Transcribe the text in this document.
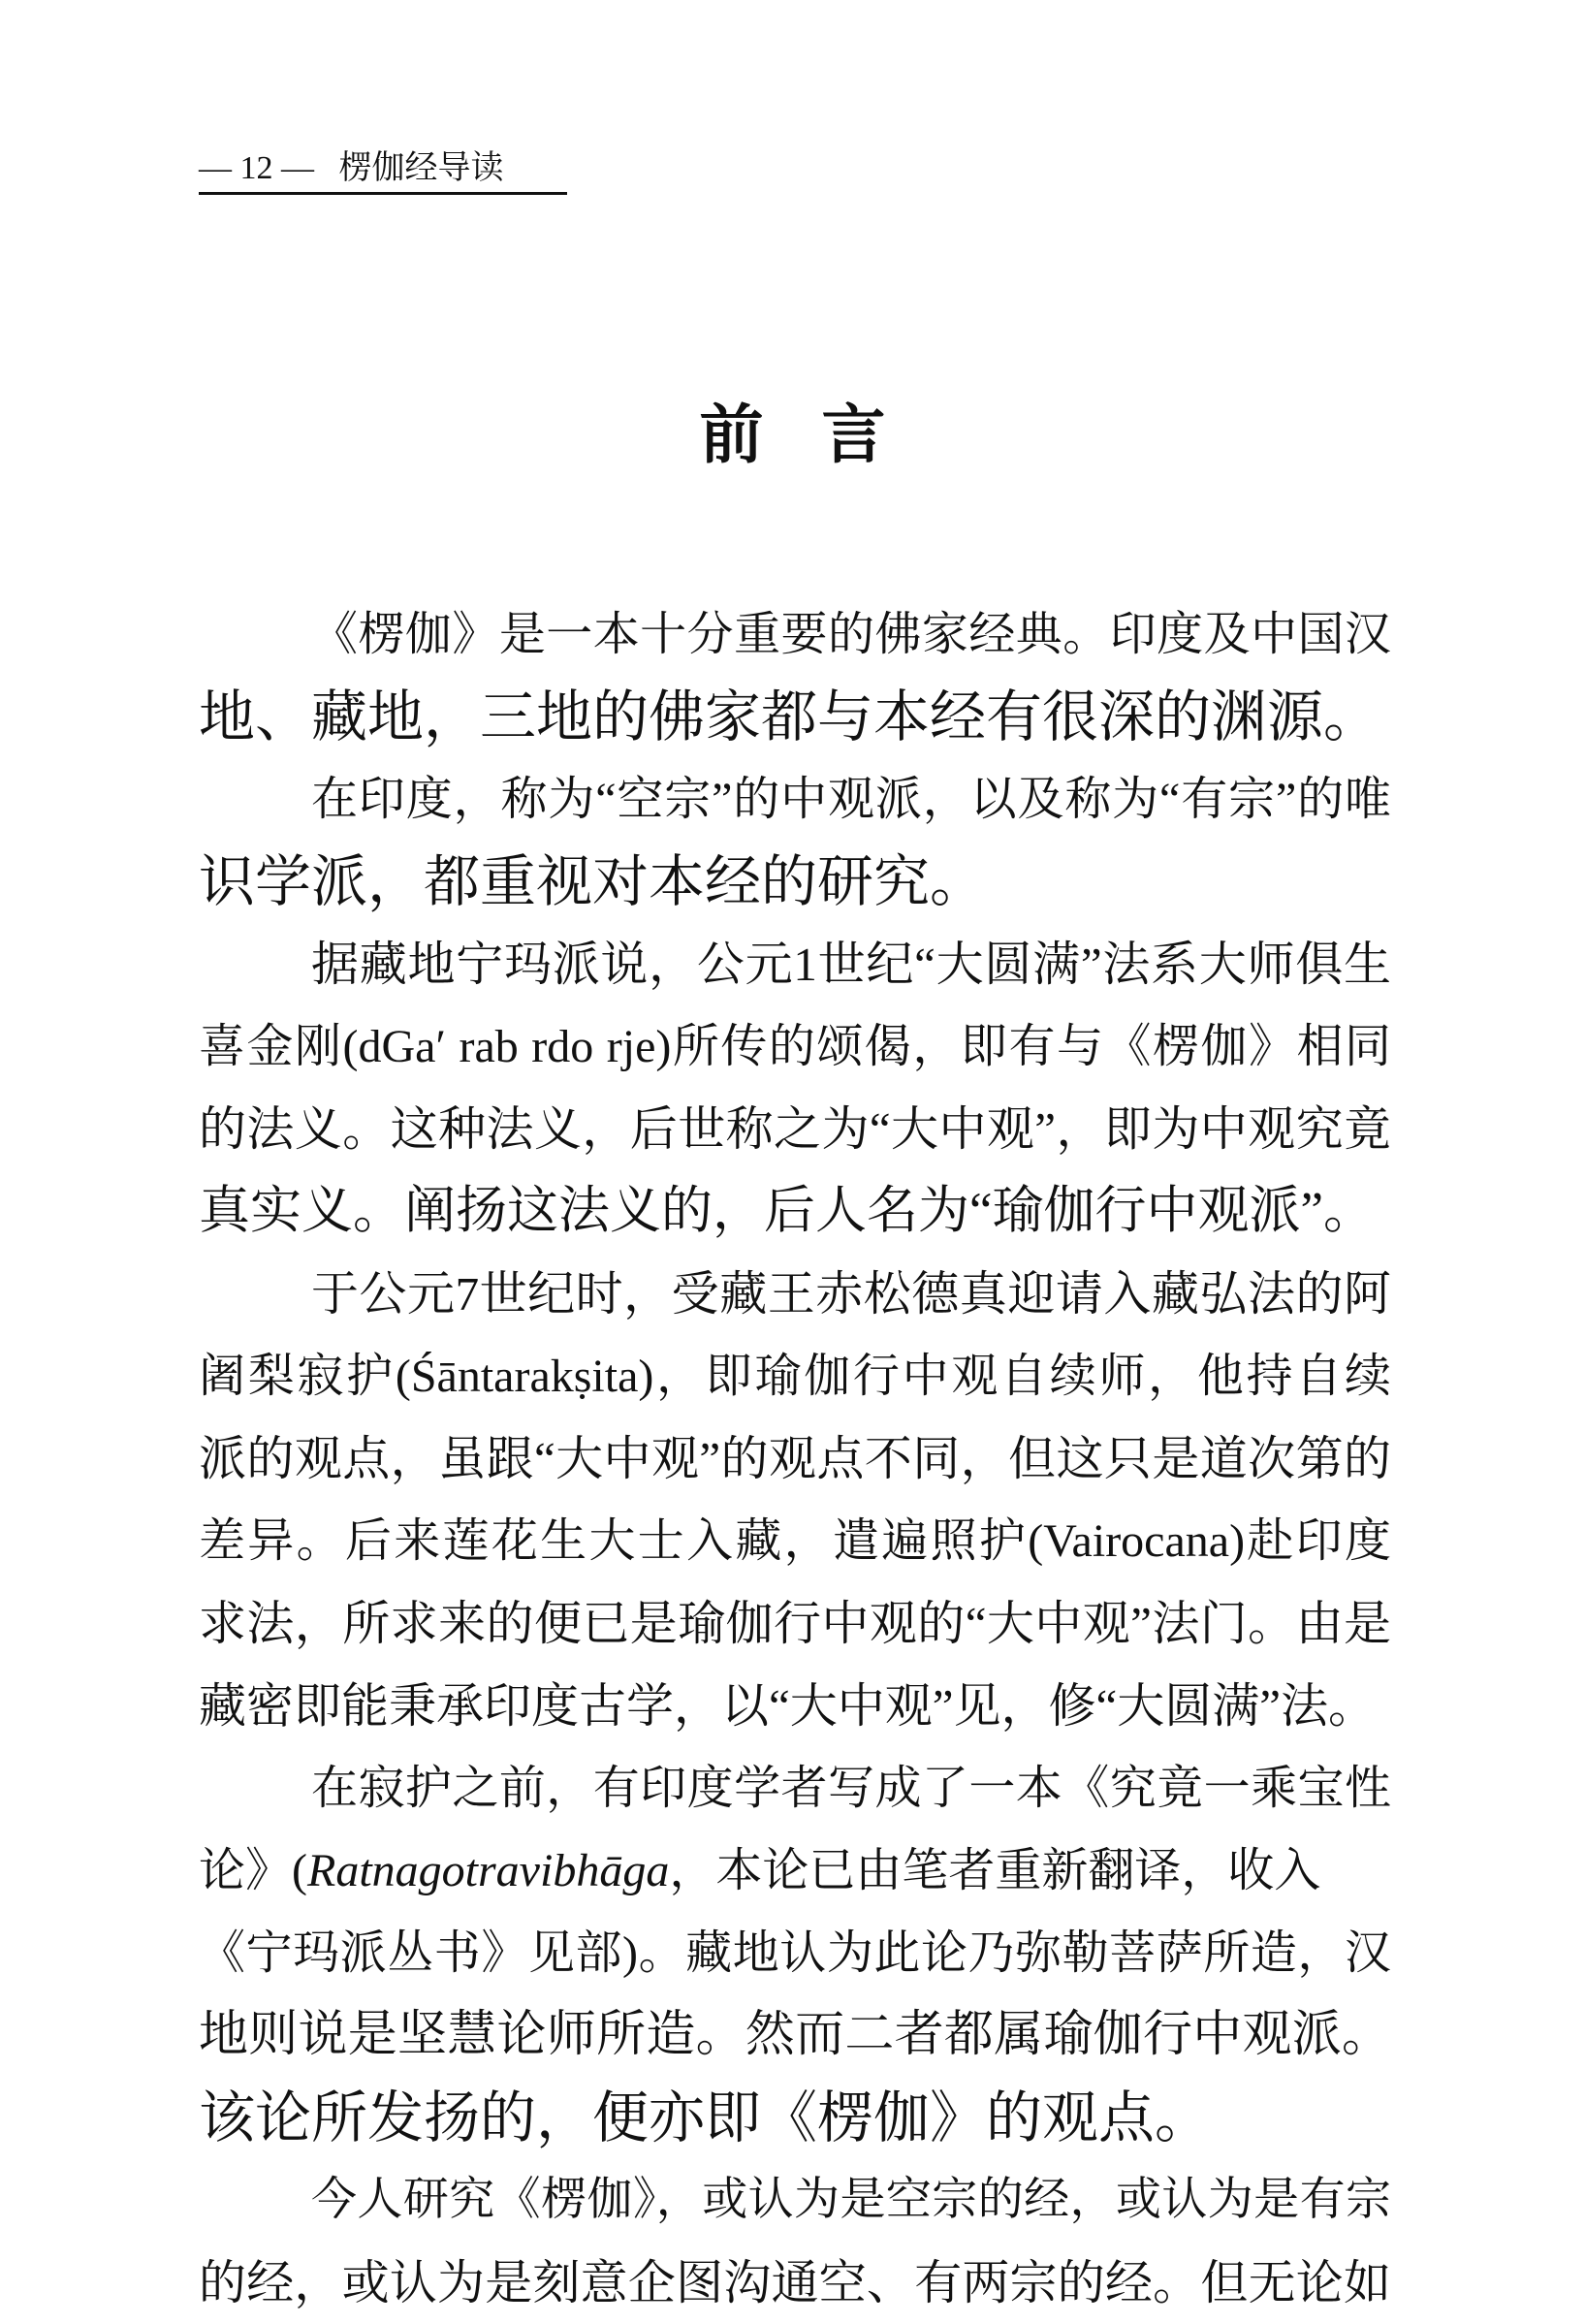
— 12 — 楞伽经导读
前言
《楞伽》是一本十分重要的佛家经典。印度及中国汉
地、藏地，三地的佛家都与本经有很深的渊源。
在印度，称为“空宗”的中观派，以及称为“有宗”的唯
识学派，都重视对本经的研究。
据藏地宁玛派说，公元1世纪“大圆满”法系大师俱生
喜金刚(dGa′ rab rdo rje)所传的颂偈，即有与《楞伽》相同
的法义。这种法义，后世称之为“大中观”，即为中观究竟
真实义。阐扬这法义的，后人名为“瑜伽行中观派”。
于公元7世纪时，受藏王赤松德真迎请入藏弘法的阿
阇梨寂护(Śāntarakṣita)，即瑜伽行中观自续师，他持自续
派的观点，虽跟“大中观”的观点不同，但这只是道次第的
差异。后来莲花生大士入藏，遣遍照护(Vairocana)赴印度
求法，所求来的便已是瑜伽行中观的“大中观”法门。由是
藏密即能秉承印度古学，以“大中观”见，修“大圆满”法。
在寂护之前，有印度学者写成了一本《究竟一乘宝性
论》(Ratnagotravibhāga，本论已由笔者重新翻译，收入
《宁玛派丛书》见部)。藏地认为此论乃弥勒菩萨所造，汉
地则说是坚慧论师所造。然而二者都属瑜伽行中观派。
该论所发扬的，便亦即《楞伽》的观点。
今人研究《楞伽》，或认为是空宗的经，或认为是有宗
的经，或认为是刻意企图沟通空、有两宗的经。但无论如
